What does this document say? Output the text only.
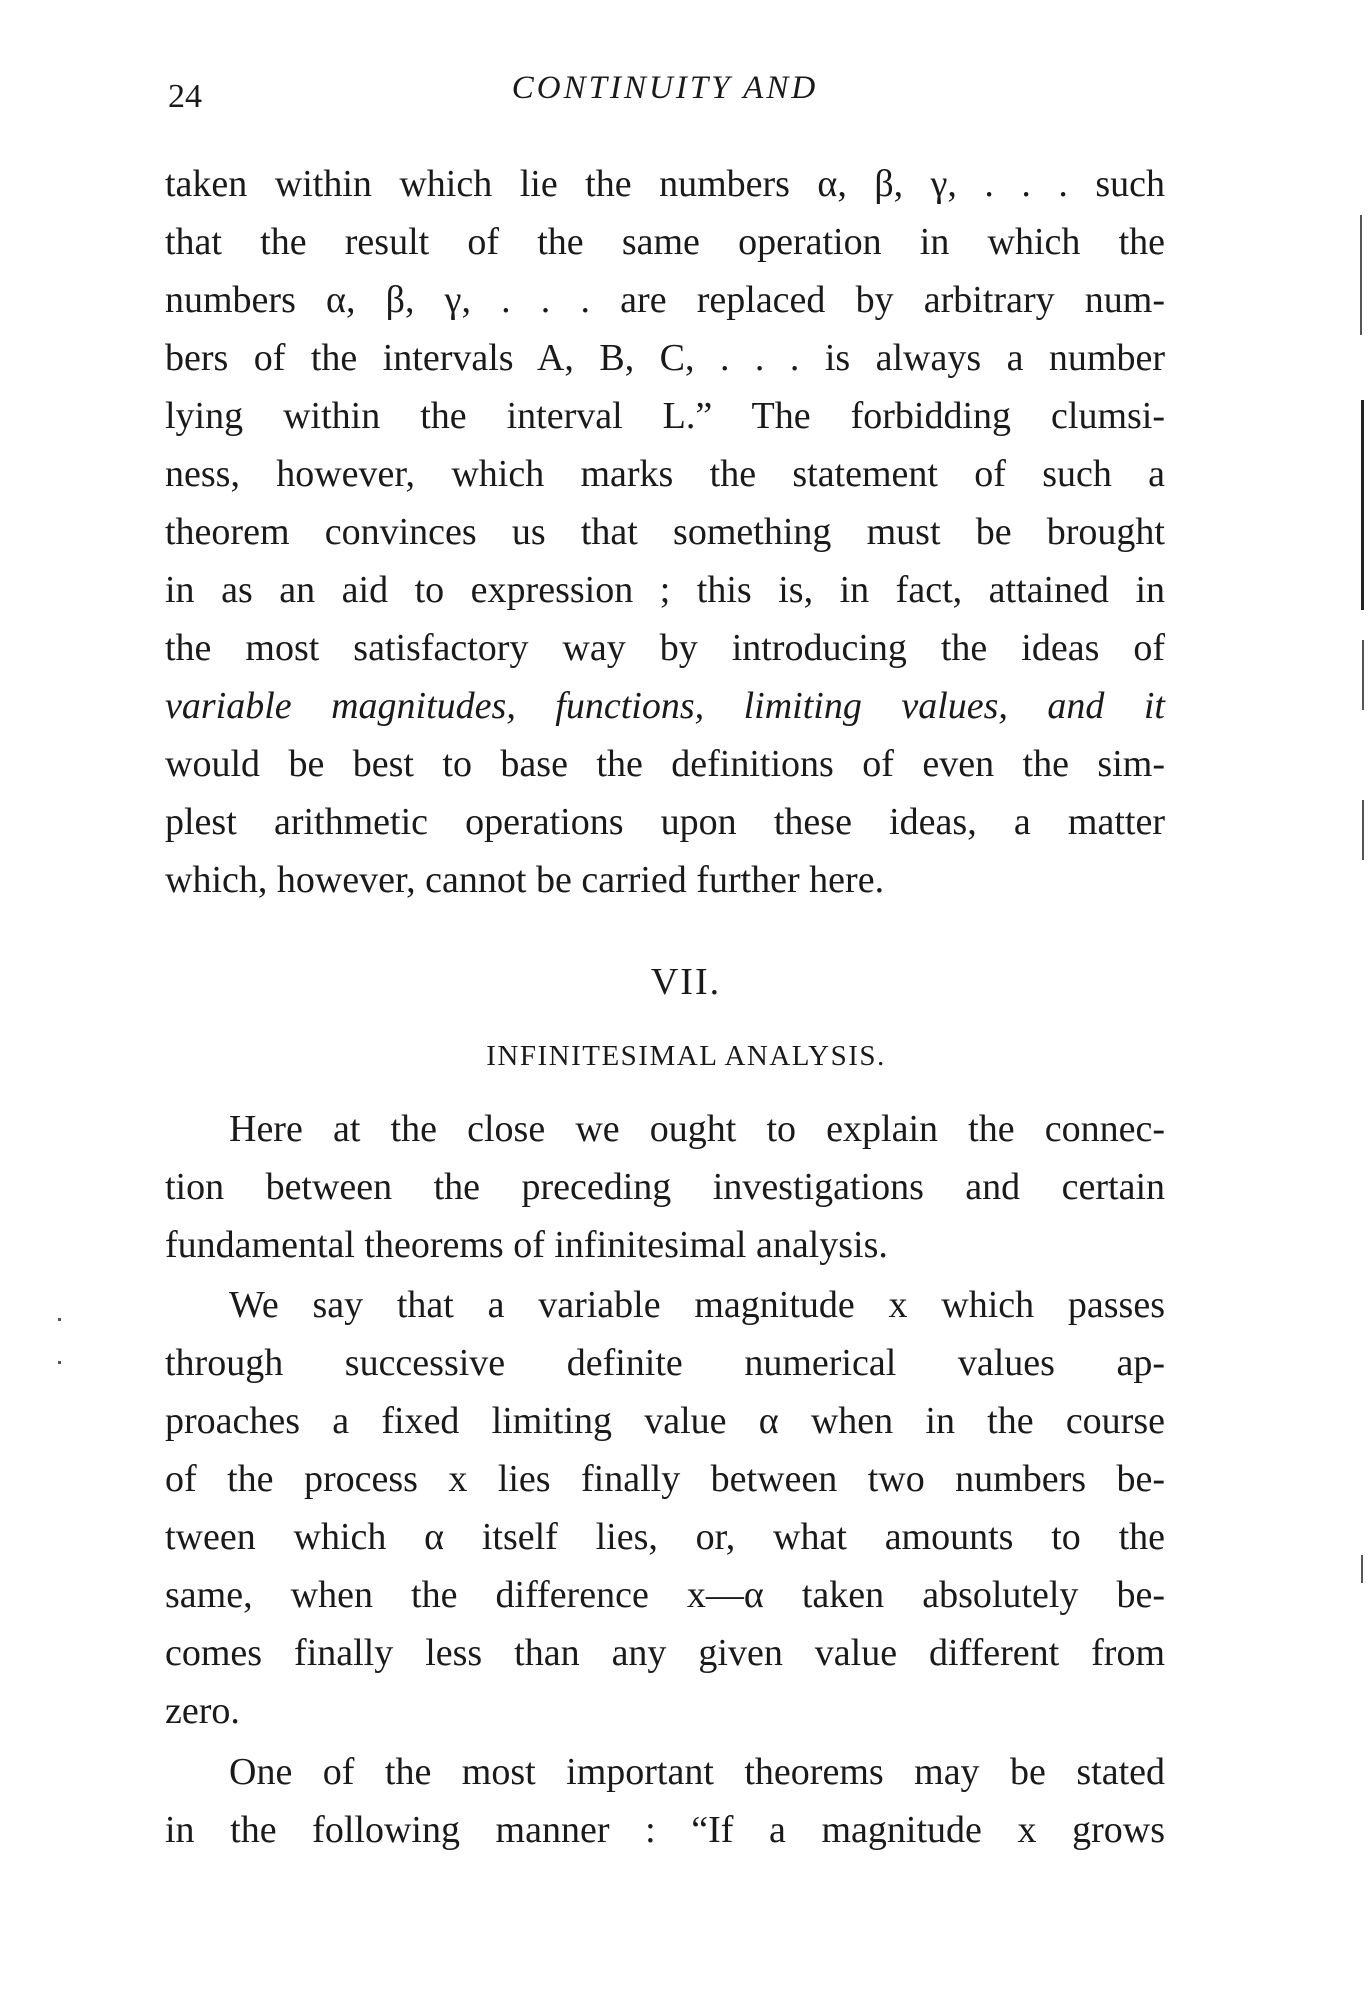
24	CONTINUITY AND
taken within which lie the numbers α, β, γ, . . . such
that the result of the same operation in which the
numbers α, β, γ, . . . are replaced by arbitrary num-
bers of the intervals A, B, C, . . . is always a number
lying within the interval L.” The forbidding clumsi-
ness, however, which marks the statement of such a
theorem convinces us that something must be brought
in as an aid to expression ; this is, in fact, attained in
the most satisfactory way by introducing the ideas of
variable magnitudes, functions, limiting values, and it
would be best to base the definitions of even the sim-
plest arithmetic operations upon these ideas, a matter
which, however, cannot be carried further here.
VII.
INFINITESIMAL ANALYSIS.
Here at the close we ought to explain the connec-
tion between the preceding investigations and certain
fundamental theorems of infinitesimal analysis.
We say that a variable magnitude x which passes
through successive definite numerical values ap-
proaches a fixed limiting value α when in the course
of the process x lies finally between two numbers be-
tween which α itself lies, or, what amounts to the
same, when the difference x—α taken absolutely be-
comes finally less than any given value different from
zero.
One of the most important theorems may be stated
in the following manner : “If a magnitude x grows
